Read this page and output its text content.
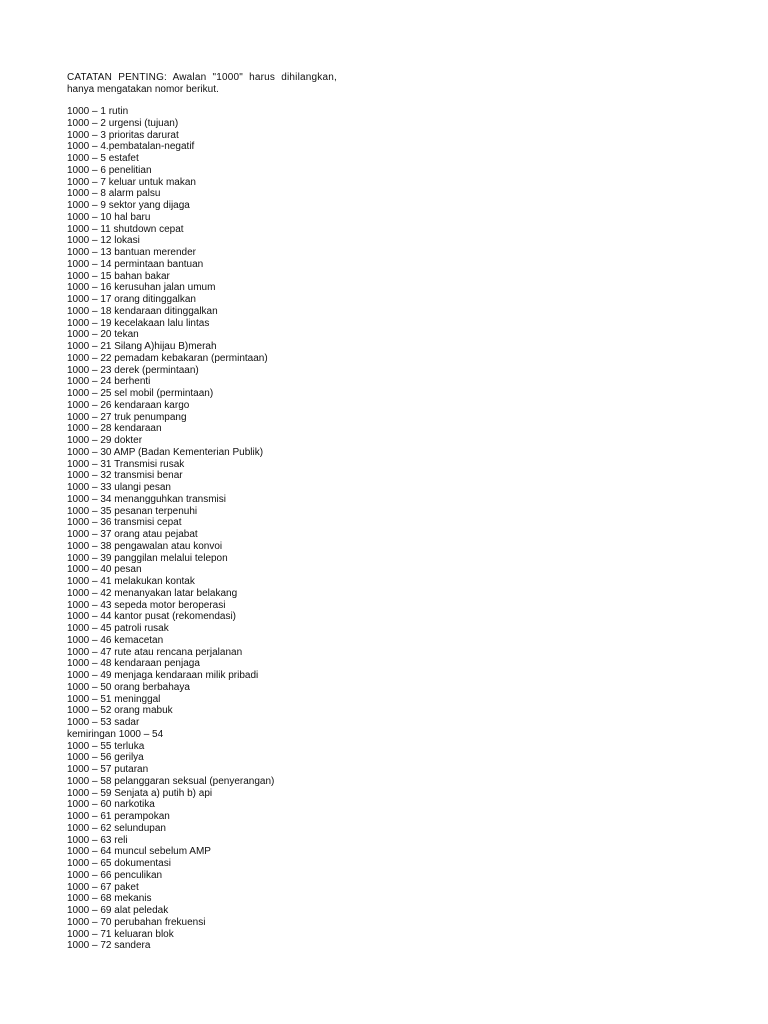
CATATAN PENTING: Awalan "1000" harus dihilangkan,
hanya mengatakan nomor berikut.
1000 – 1 rutin
1000 – 2 urgensi (tujuan)
1000 – 3 prioritas darurat
1000 – 4.pembatalan-negatif
1000 – 5 estafet
1000 – 6 penelitian
1000 – 7 keluar untuk makan
1000 – 8 alarm palsu
1000 – 9 sektor yang dijaga
1000 – 10 hal baru
1000 – 11 shutdown cepat
1000 – 12 lokasi
1000 – 13 bantuan merender
1000 – 14 permintaan bantuan
1000 – 15 bahan bakar
1000 – 16 kerusuhan jalan umum
1000 – 17 orang ditinggalkan
1000 – 18 kendaraan ditinggalkan
1000 – 19 kecelakaan lalu lintas
1000 – 20 tekan
1000 – 21 Silang A)hijau B)merah
1000 – 22 pemadam kebakaran (permintaan)
1000 – 23 derek (permintaan)
1000 – 24 berhenti
1000 – 25 sel mobil (permintaan)
1000 – 26 kendaraan kargo
1000 – 27 truk penumpang
1000 – 28 kendaraan
1000 – 29 dokter
1000 – 30 AMP (Badan Kementerian Publik)
1000 – 31 Transmisi rusak
1000 – 32 transmisi benar
1000 – 33 ulangi pesan
1000 – 34 menangguhkan transmisi
1000 – 35 pesanan terpenuhi
1000 – 36 transmisi cepat
1000 – 37 orang atau pejabat
1000 – 38 pengawalan atau konvoi
1000 – 39 panggilan melalui telepon
1000 – 40 pesan
1000 – 41 melakukan kontak
1000 – 42 menanyakan latar belakang
1000 – 43 sepeda motor beroperasi
1000 – 44 kantor pusat (rekomendasi)
1000 – 45 patroli rusak
1000 – 46 kemacetan
1000 – 47 rute atau rencana perjalanan
1000 – 48 kendaraan penjaga
1000 – 49 menjaga kendaraan milik pribadi
1000 – 50 orang berbahaya
1000 – 51 meninggal
1000 – 52 orang mabuk
1000 – 53 sadar
kemiringan 1000 – 54
1000 – 55 terluka
1000 – 56 gerilya
1000 – 57 putaran
1000 – 58 pelanggaran seksual (penyerangan)
1000 – 59 Senjata a) putih b) api
1000 – 60 narkotika
1000 – 61 perampokan
1000 – 62 selundupan
1000 – 63 reli
1000 – 64 muncul sebelum AMP
1000 – 65 dokumentasi
1000 – 66 penculikan
1000 – 67 paket
1000 – 68 mekanis
1000 – 69 alat peledak
1000 – 70 perubahan frekuensi
1000 – 71 keluaran blok
1000 – 72 sandera
